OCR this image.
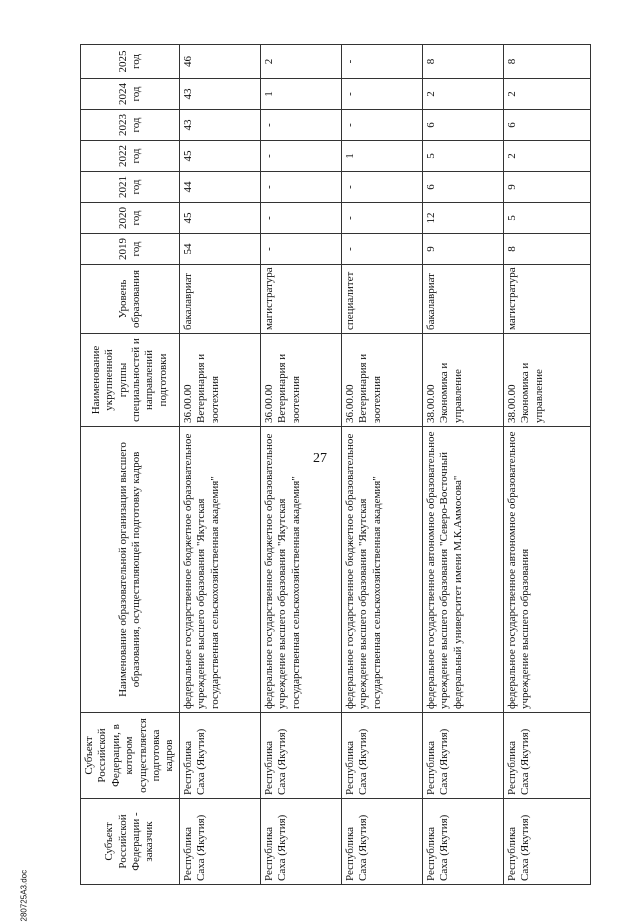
27
Субъект Российской Федерации - заказчик	Субъект Российской Федерации, в котором осуществляется подготовка кадров	Наименование образовательной организации высшего образования, осуществляющей подготовку кадров	Наименование укрупненной группы специальностей и направлений подготовки	Уровень образования	2019 год	2020 год	2021 год	2022 год	2023 год	2024 год	2025 год
Республика Саха (Якутия)	Республика Саха (Якутия)	федеральное государственное бюджетное образовательное учреждение высшего образования "Якутская государственная сельскохозяйственная академия"	36.00.00 Ветеринария и зоотехния	бакалавриат	54	45	44	45	43	43	46
Республика Саха (Якутия)	Республика Саха (Якутия)	федеральное государственное бюджетное образовательное учреждение высшего образования "Якутская государственная сельскохозяйственная академия"	36.00.00 Ветеринария и зоотехния	магистратура	-	-	-	-	-	1	2
Республика Саха (Якутия)	Республика Саха (Якутия)	федеральное государственное бюджетное образовательное учреждение высшего образования "Якутская государственная сельскохозяйственная академия"	36.00.00 Ветеринария и зоотехния	специалитет	-	-	-	1	-	-	-
Республика Саха (Якутия)	Республика Саха (Якутия)	федеральное государственное автономное образовательное учреждение высшего образования "Северо-Восточный федеральный университет имени М.К.Аммосова"	38.00.00 Экономика и управление	бакалавриат	9	12	6	5	6	2	8
Республика Саха (Якутия)	Республика Саха (Якутия)	федеральное государственное автономное образовательное учреждение высшего образования	38.00.00 Экономика и управление	магистратура	8	5	9	2	6	2	8
280725A3.doc
